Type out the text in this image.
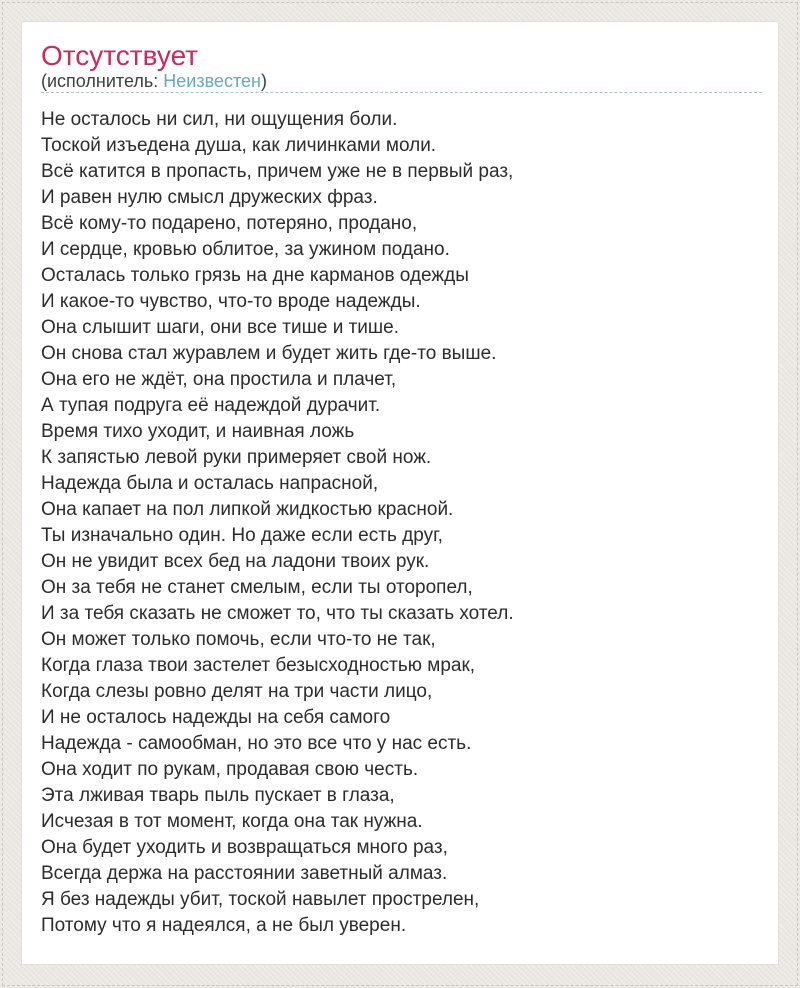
Отсутствует
(исполнитель: Неизвестен)
Не осталось ни сил, ни ощущения боли.
Тоской изъедена душа, как личинками моли.
Всё катится в пропасть, причем уже не в первый раз,
И равен нулю смысл дружеских фраз.
Всё кому-то подарено, потеряно, продано,
И сердце, кровью облитое, за ужином подано.
Осталась только грязь на дне карманов одежды
И какое-то чувство, что-то вроде надежды.
Она слышит шаги, они все тише и тише.
Он снова стал журавлем и будет жить где-то выше.
Она его не ждёт, она простила и плачет,
А тупая подруга её надеждой дурачит.
Время тихо уходит, и наивная ложь
К запястью левой руки примеряет свой нож.
Надежда была и осталась напрасной,
Она капает на пол липкой жидкостью красной.
Ты изначально один. Но даже если есть друг,
Он не увидит всех бед на ладони твоих рук.
Он за тебя не станет смелым, если ты оторопел,
И за тебя сказать не сможет то, что ты сказать хотел.
Он может только помочь, если что-то не так,
Когда глаза твои застелет безысходностью мрак,
Когда слезы ровно делят на три части лицо,
И не осталось надежды на себя самого
Надежда - самообман, но это все что у нас есть.
Она ходит по рукам, продавая свою честь.
Эта лживая тварь пыль пускает в глаза,
Исчезая в тот момент, когда она так нужна.
Она будет уходить и возвращаться много раз,
Всегда держа на расстоянии заветный алмаз.
Я без надежды убит, тоской навылет прострелен,
Потому что я надеялся, а не был уверен.
